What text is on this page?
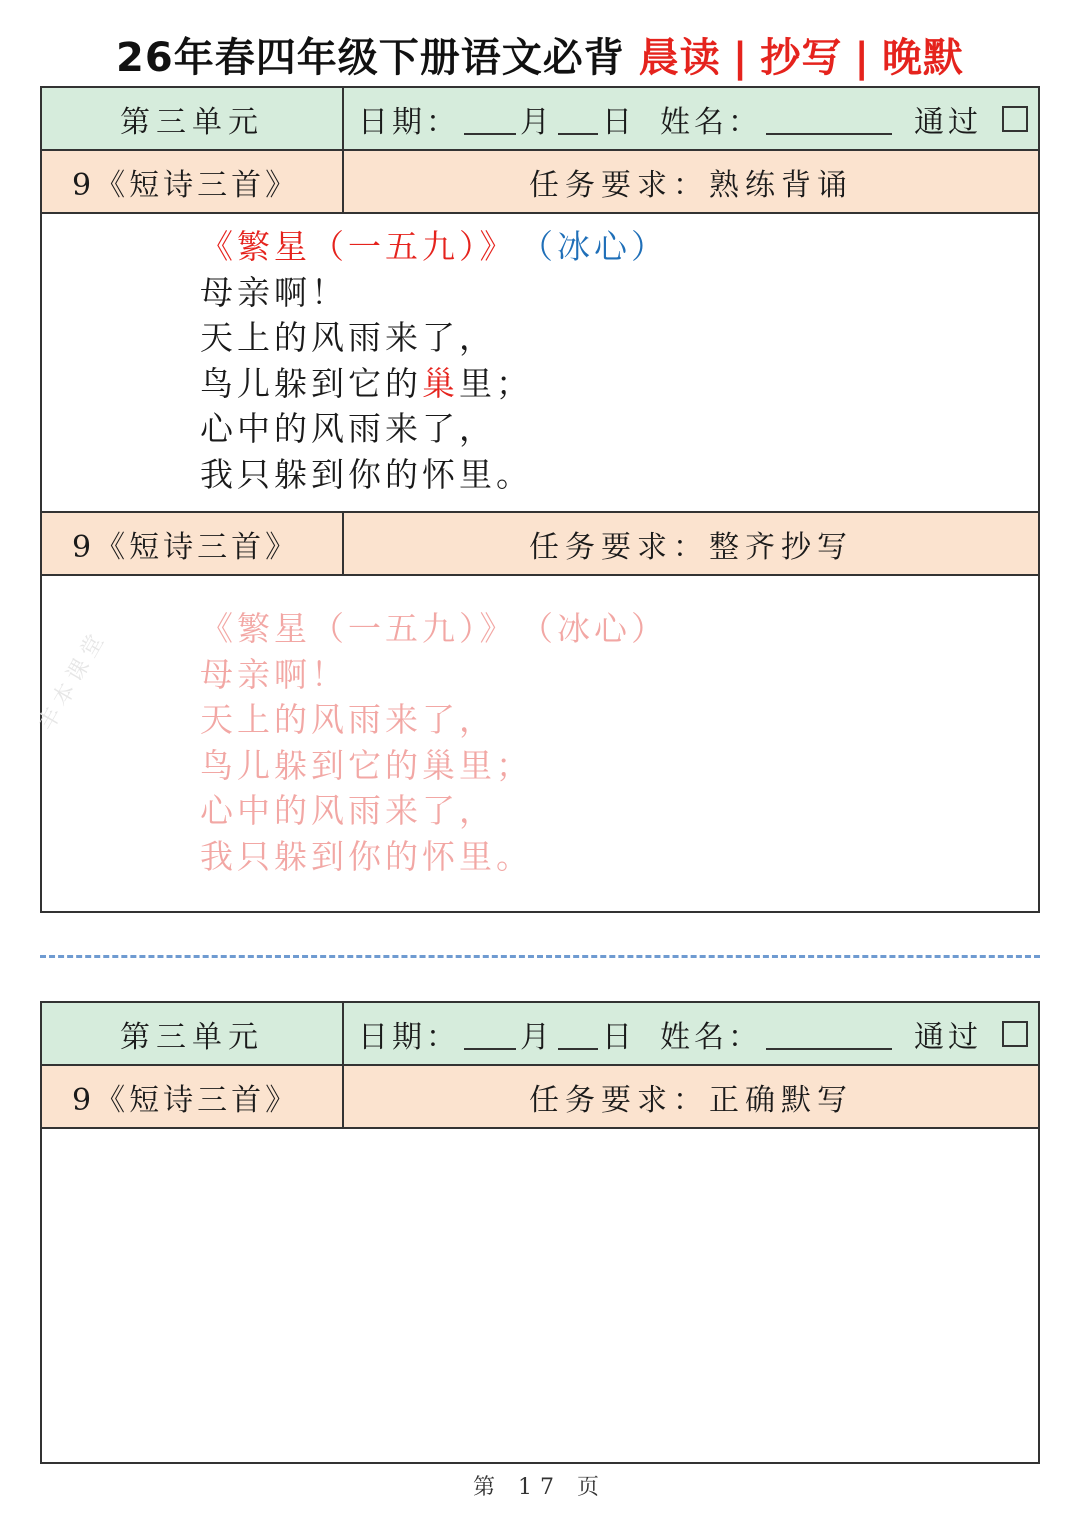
26年春四年级下册语文必背 晨读 | 抄写 | 晚默
第三单元	日期： 月 日 姓名：	通过
9《短诗三首》	任务要求：熟练背诵
《繁星（一五九）》 （冰心）
母亲啊！
天上的风雨来了，
鸟儿躲到它的巢里；
心中的风雨来了，
我只躲到你的怀里。
9《短诗三首》	任务要求：整齐抄写
《繁星（一五九）》 （冰心）
母亲啊！
天上的风雨来了，
鸟儿躲到它的巢里；
心中的风雨来了，
我只躲到你的怀里。
丰本课堂
第三单元	日期： 月 日 姓名：	通过
9《短诗三首》	任务要求：正确默写
第 17 页
